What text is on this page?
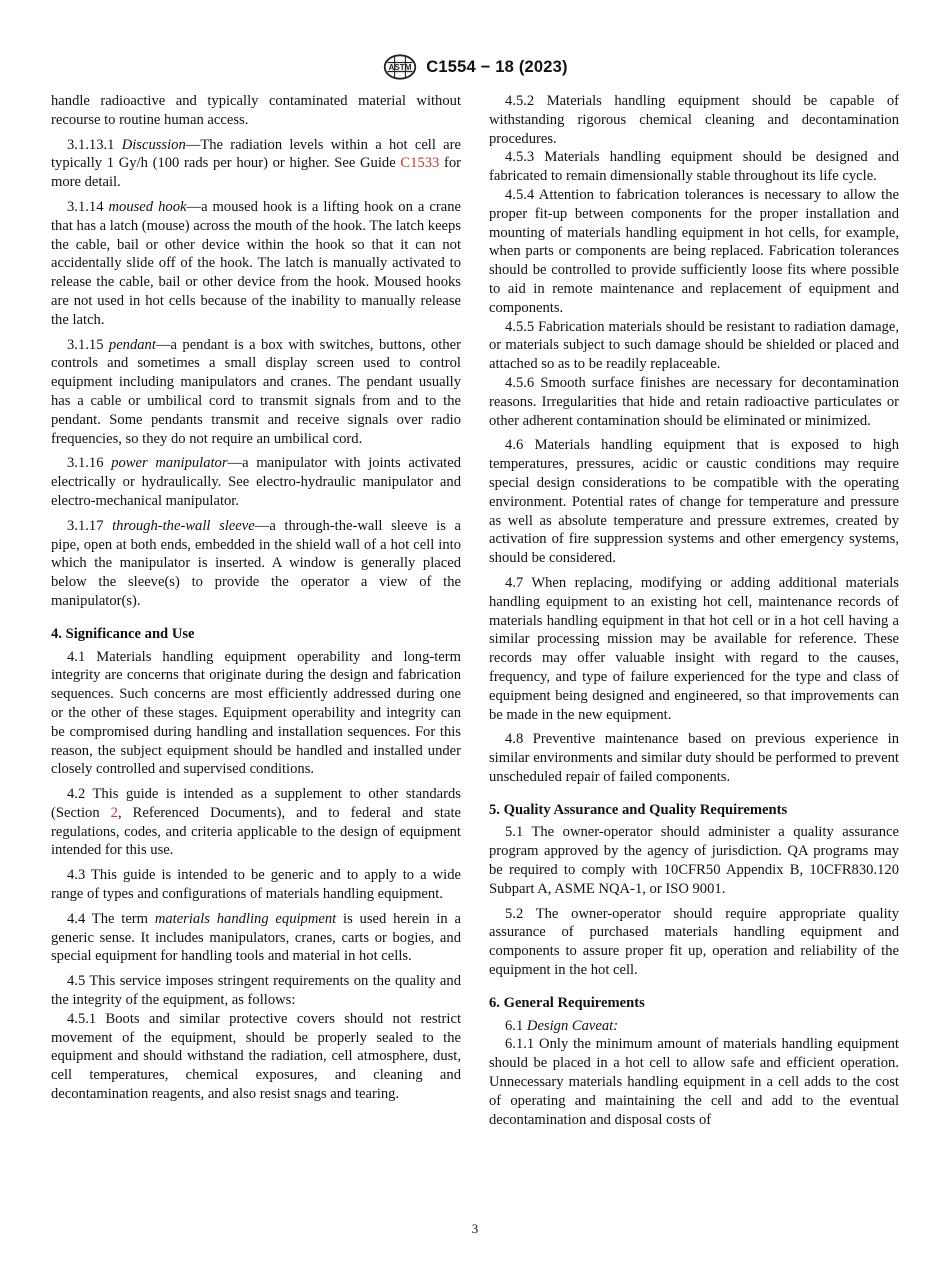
ASTM C1554 − 18 (2023)

handle radioactive and typically contaminated material without recourse to routine human access.

3.1.13.1 Discussion—The radiation levels within a hot cell are typically 1 Gy/h (100 rads per hour) or higher. See Guide C1533 for more detail.

3.1.14 moused hook—a moused hook is a lifting hook on a crane that has a latch (mouse) across the mouth of the hook. The latch keeps the cable, bail or other device within the hook so that it can not accidentally slide off of the hook. The latch is manually activated to release the cable, bail or other device from the hook. Moused hooks are not used in hot cells because of the inability to manually release the latch.

3.1.15 pendant—a pendant is a box with switches, buttons, other controls and sometimes a small display screen used to control equipment including manipulators and cranes. The pendant usually has a cable or umbilical cord to transmit signals from and to the pendant. Some pendants transmit and receive signals over radio frequencies, so they do not require an umbilical cord.

3.1.16 power manipulator—a manipulator with joints activated electrically or hydraulically. See electro-hydraulic manipulator and electro-mechanical manipulator.

3.1.17 through-the-wall sleeve—a through-the-wall sleeve is a pipe, open at both ends, embedded in the shield wall of a hot cell into which the manipulator is inserted. A window is generally placed below the sleeve(s) to provide the operator a view of the manipulator(s).

4. Significance and Use

4.1 Materials handling equipment operability and long-term integrity are concerns that originate during the design and fabrication sequences. Such concerns are most efficiently addressed during one or the other of these stages. Equipment operability and integrity can be compromised during handling and installation sequences. For this reason, the subject equipment should be handled and installed under closely controlled and supervised conditions.

4.2 This guide is intended as a supplement to other standards (Section 2, Referenced Documents), and to federal and state regulations, codes, and criteria applicable to the design of equipment intended for this use.

4.3 This guide is intended to be generic and to apply to a wide range of types and configurations of materials handling equipment.

4.4 The term materials handling equipment is used herein in a generic sense. It includes manipulators, cranes, carts or bogies, and special equipment for handling tools and material in hot cells.

4.5 This service imposes stringent requirements on the quality and the integrity of the equipment, as follows:

4.5.1 Boots and similar protective covers should not restrict movement of the equipment, should be properly sealed to the equipment and should withstand the radiation, cell atmosphere, dust, cell temperatures, chemical exposures, and cleaning and decontamination reagents, and also resist snags and tearing.

4.5.2 Materials handling equipment should be capable of withstanding rigorous chemical cleaning and decontamination procedures.

4.5.3 Materials handling equipment should be designed and fabricated to remain dimensionally stable throughout its life cycle.

4.5.4 Attention to fabrication tolerances is necessary to allow the proper fit-up between components for the proper installation and mounting of materials handling equipment in hot cells, for example, when parts or components are being replaced. Fabrication tolerances should be controlled to provide sufficiently loose fits where possible to aid in remote maintenance and replacement of equipment and components.

4.5.5 Fabrication materials should be resistant to radiation damage, or materials subject to such damage should be shielded or placed and attached so as to be readily replaceable.

4.5.6 Smooth surface finishes are necessary for decontamination reasons. Irregularities that hide and retain radioactive particulates or other adherent contamination should be eliminated or minimized.

4.6 Materials handling equipment that is exposed to high temperatures, pressures, acidic or caustic conditions may require special design considerations to be compatible with the operating environment. Potential rates of change for temperature and pressure as well as absolute temperature and pressure extremes, created by activation of fire suppression systems and other emergency systems, should be considered.

4.7 When replacing, modifying or adding additional materials handling equipment to an existing hot cell, maintenance records of materials handling equipment in that hot cell or in a hot cell having a similar processing mission may be available for reference. These records may offer valuable insight with regard to the causes, frequency, and type of failure experienced for the type and class of equipment being designed and engineered, so that improvements can be made in the new equipment.

4.8 Preventive maintenance based on previous experience in similar environments and similar duty should be performed to prevent unscheduled repair of failed components.

5. Quality Assurance and Quality Requirements

5.1 The owner-operator should administer a quality assurance program approved by the agency of jurisdiction. QA programs may be required to comply with 10CFR50 Appendix B, 10CFR830.120 Subpart A, ASME NQA-1, or ISO 9001.

5.2 The owner-operator should require appropriate quality assurance of purchased materials handling equipment and components to assure proper fit up, operation and reliability of the equipment in the hot cell.

6. General Requirements

6.1 Design Caveat:

6.1.1 Only the minimum amount of materials handling equipment should be placed in a hot cell to allow safe and efficient operation. Unnecessary materials handling equipment in a cell adds to the cost of operating and maintaining the cell and add to the eventual decontamination and disposal costs of

3
